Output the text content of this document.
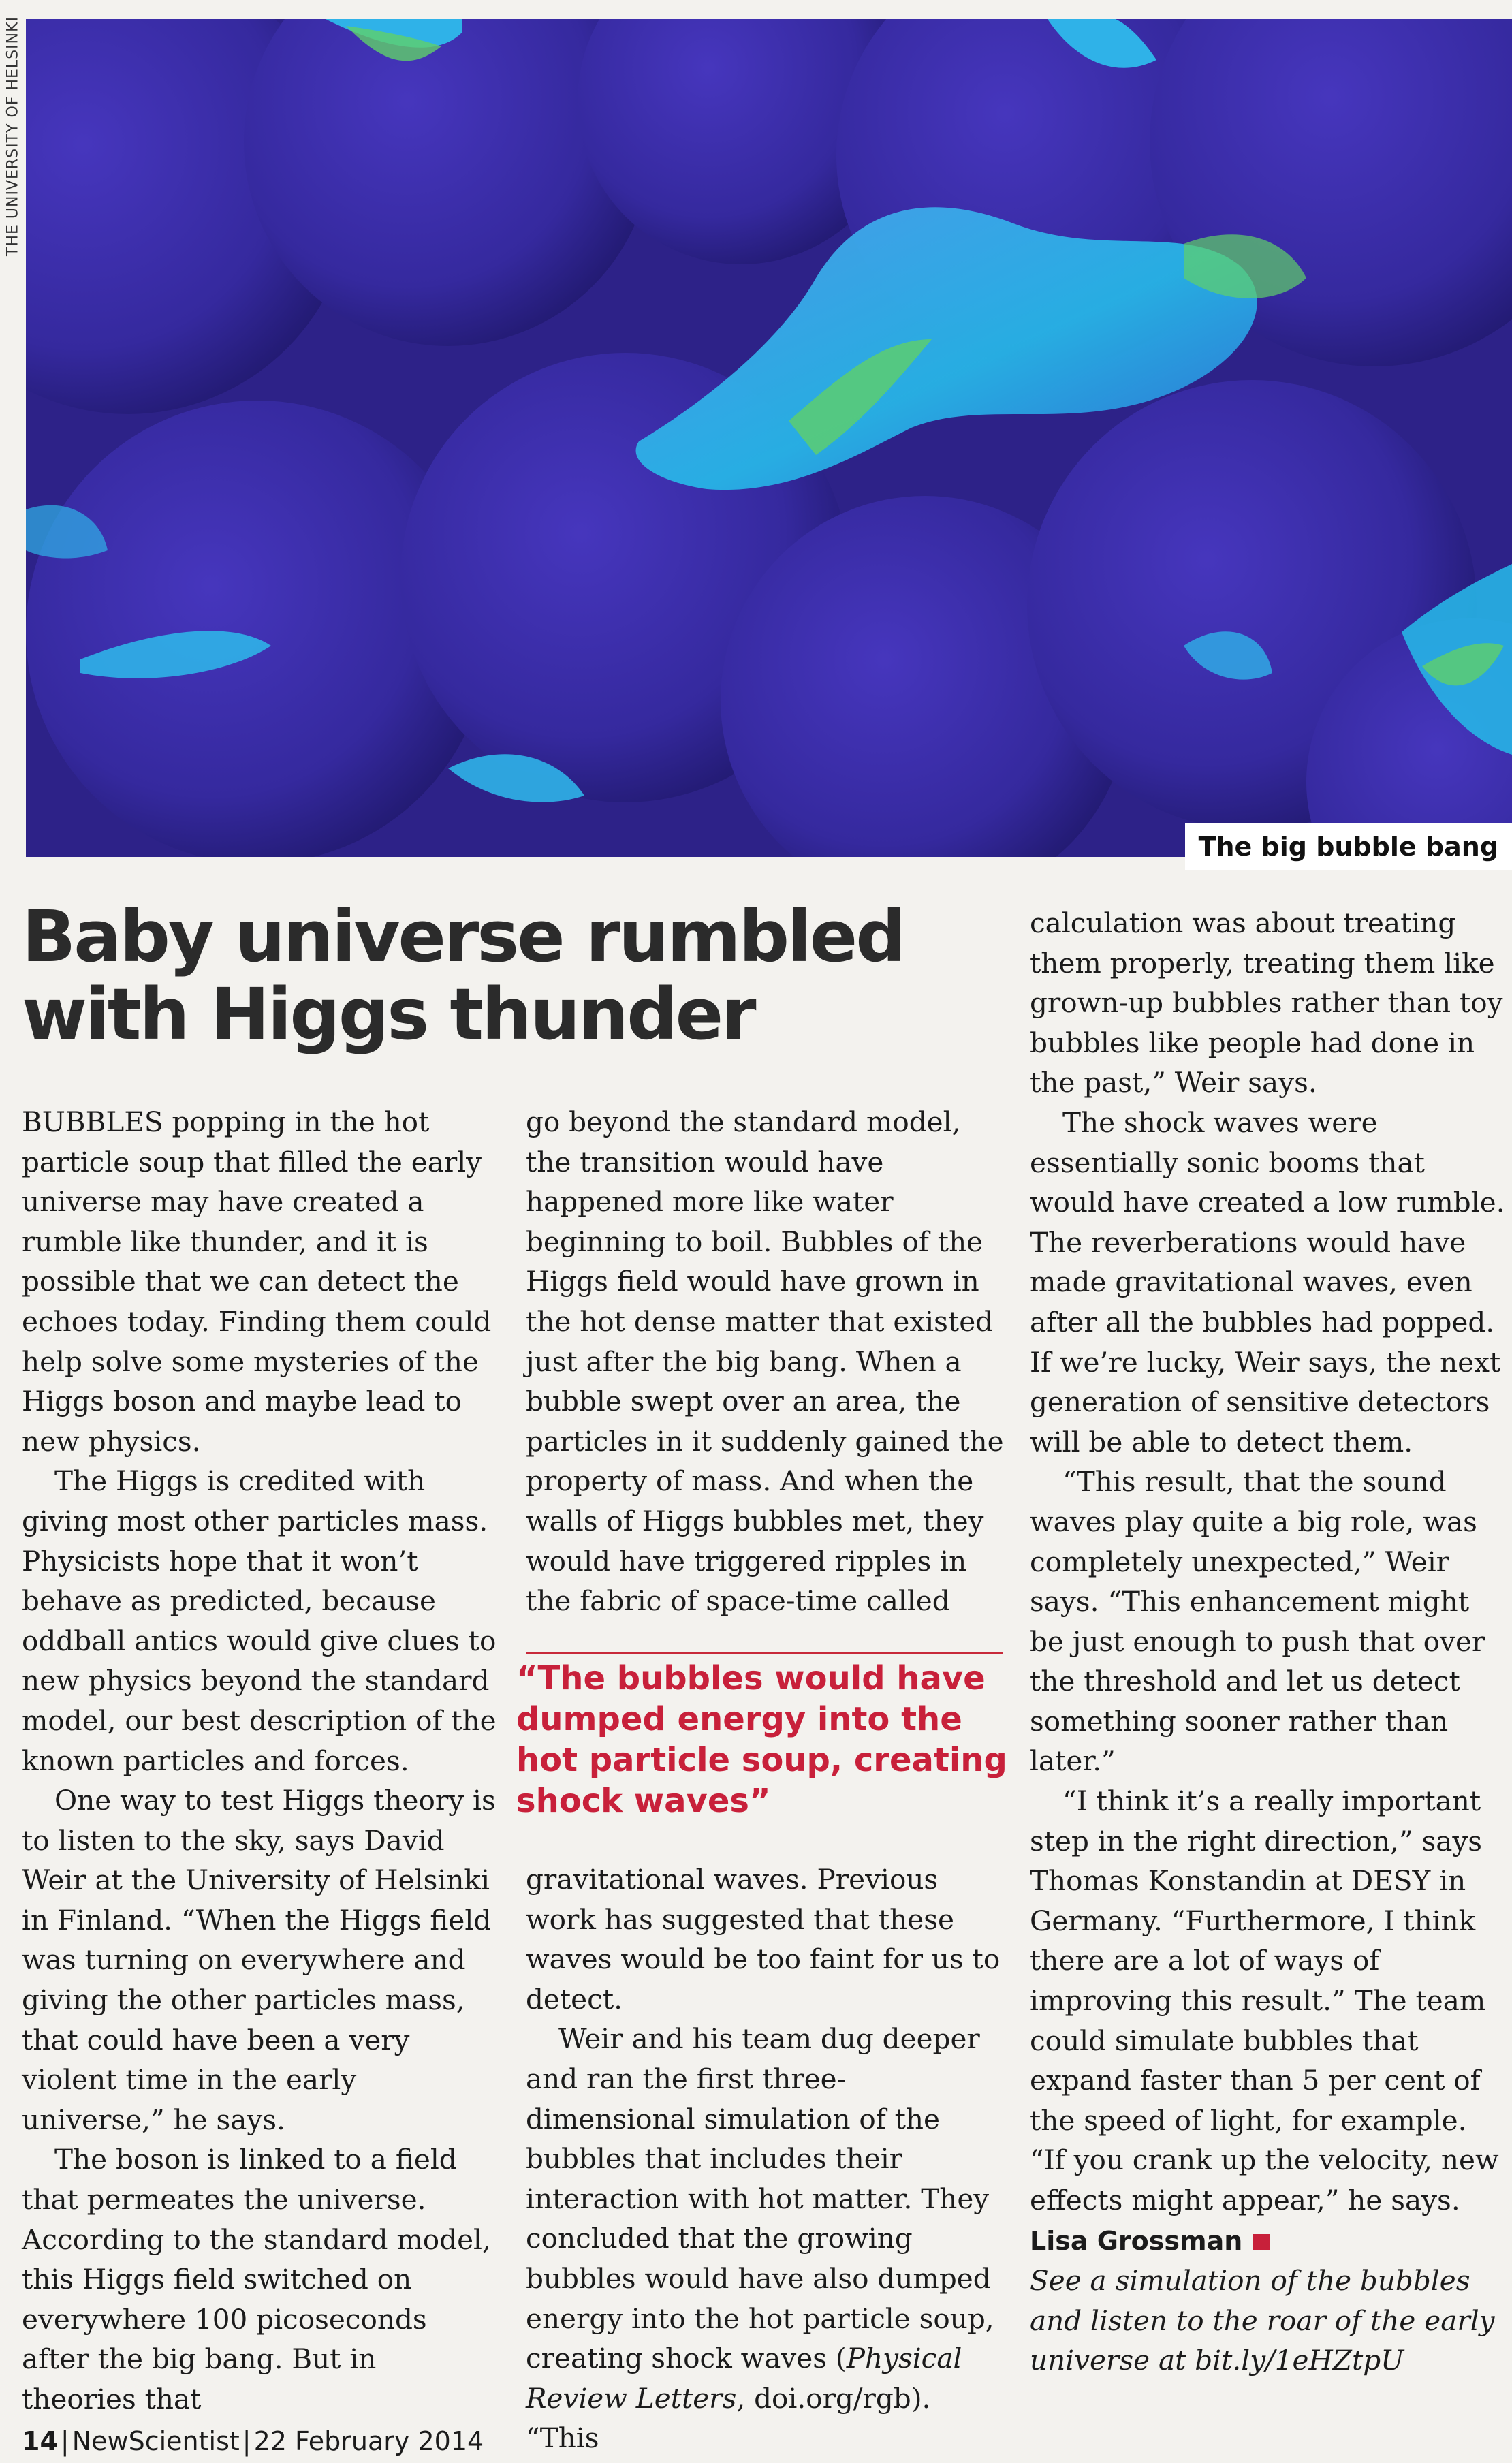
THE UNIVERSITY OF HELSINKI
The big bubble bang
Baby universe rumbled with Higgs thunder

BUBBLES popping in the hot particle soup that filled the early universe may have created a rumble like thunder, and it is possible that we can detect the echoes today. Finding them could help solve some mysteries of the Higgs boson and maybe lead to new physics.

The Higgs is credited with giving most other particles mass. Physicists hope that it won’t behave as predicted, because oddball antics would give clues to new physics beyond the standard model, our best description of the known particles and forces.

One way to test Higgs theory is to listen to the sky, says David Weir at the University of Helsinki in Finland. “When the Higgs field was turning on everywhere and giving the other particles mass, that could have been a very violent time in the early universe,” he says.

The boson is linked to a field that permeates the universe. According to the standard model, this Higgs field switched on everywhere 100 picoseconds after the big bang. But in theories that

go beyond the standard model, the transition would have happened more like water beginning to boil. Bubbles of the Higgs field would have grown in the hot dense matter that existed just after the big bang. When a bubble swept over an area, the particles in it suddenly gained the property of mass. And when the walls of Higgs bubbles met, they would have triggered ripples in the fabric of space-time called

“The bubbles would have dumped energy into the hot particle soup, creating shock waves”

gravitational waves. Previous work has suggested that these waves would be too faint for us to detect.

Weir and his team dug deeper and ran the first three-dimensional simulation of the bubbles that includes their interaction with hot matter. They concluded that the growing bubbles would have also dumped energy into the hot particle soup, creating shock waves (Physical Review Letters, doi.org/rgb). “This

calculation was about treating them properly, treating them like grown-up bubbles rather than toy bubbles like people had done in the past,” Weir says.

The shock waves were essentially sonic booms that would have created a low rumble. The reverberations would have made gravitational waves, even after all the bubbles had popped. If we’re lucky, Weir says, the next generation of sensitive detectors will be able to detect them.

“This result, that the sound waves play quite a big role, was completely unexpected,” Weir says. “This enhancement might be just enough to push that over the threshold and let us detect something sooner rather than later.”

“I think it’s a really important step in the right direction,” says Thomas Konstandin at DESY in Germany. “Furthermore, I think there are a lot of ways of improving this result.” The team could simulate bubbles that expand faster than 5 per cent of the speed of light, for example. “If you crank up the velocity, new effects might appear,” he says.

Lisa Grossman

See a simulation of the bubbles and listen to the roar of the early universe at bit.ly/1eHZtpU

14 | NewScientist | 22 February 2014
